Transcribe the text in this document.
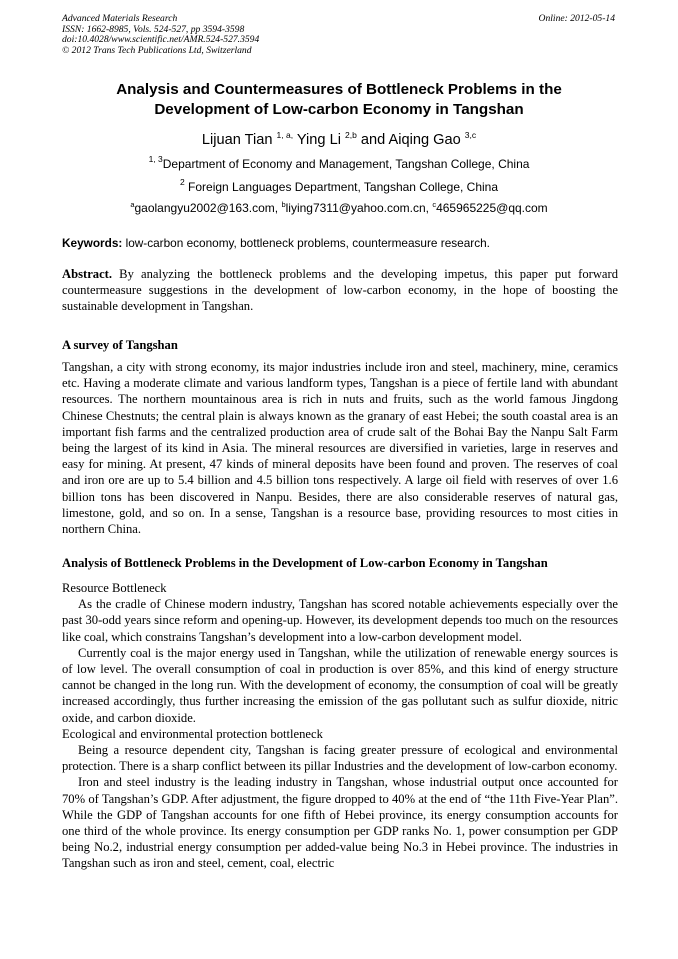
Advanced Materials Research
ISSN: 1662-8985, Vols. 524-527, pp 3594-3598
doi:10.4028/www.scientific.net/AMR.524-527.3594
© 2012 Trans Tech Publications Ltd, Switzerland
Online: 2012-05-14
Analysis and Countermeasures of Bottleneck Problems in the
Development of Low-carbon Economy in Tangshan
Lijuan Tian $^{1, a,}$ Ying Li $^{2,b}$ and Aiqing Gao $^{3,c}$
$^{1, 3}$Department of Economy and Management, Tangshan College, China
$^2$ Foreign Languages Department, Tangshan College, China
$^a$gaolangyu2002@163.com, $^b$liying7311@yahoo.com.cn, $^c$465965225@qq.com
Keywords: low-carbon economy, bottleneck problems, countermeasure research.
Abstract. By analyzing the bottleneck problems and the developing impetus, this paper put forward countermeasure suggestions in the development of low-carbon economy, in the hope of boosting the sustainable development in Tangshan.
A survey of Tangshan
Tangshan, a city with strong economy, its major industries include iron and steel, machinery, mine, ceramics etc. Having a moderate climate and various landform types, Tangshan is a piece of fertile land with abundant resources. The northern mountainous area is rich in nuts and fruits, such as the world famous Jingdong Chinese Chestnuts; the central plain is always known as the granary of east Hebei; the south coastal area is an important fish farms and the centralized production area of crude salt of the Bohai Bay the Nanpu Salt Farm being the largest of its kind in Asia. The mineral resources are diversified in varieties, large in reserves and easy for mining. At present, 47 kinds of mineral deposits have been found and proven. The reserves of coal and iron ore are up to 5.4 billion and 4.5 billion tons respectively. A large oil field with reserves of over 1.6 billion tons has been discovered in Nanpu. Besides, there are also considerable reserves of natural gas, limestone, gold, and so on. In a sense, Tangshan is a resource base, providing resources to most cities in northern China.
Analysis of Bottleneck Problems in the Development of Low-carbon Economy in Tangshan
Resource Bottleneck
As the cradle of Chinese modern industry, Tangshan has scored notable achievements especially over the past 30-odd years since reform and opening-up. However, its development depends too much on the resources like coal, which constrains Tangshan’s development into a low-carbon development model.
Currently coal is the major energy used in Tangshan, while the utilization of renewable energy sources is of low level. The overall consumption of coal in production is over 85%, and this kind of energy structure cannot be changed in the long run. With the development of economy, the consumption of coal will be greatly increased accordingly, thus further increasing the emission of the gas pollutant such as sulfur dioxide, nitric oxide, and carbon dioxide.
Ecological and environmental protection bottleneck
Being a resource dependent city, Tangshan is facing greater pressure of ecological and environmental protection. There is a sharp conflict between its pillar Industries and the development of low-carbon economy.
Iron and steel industry is the leading industry in Tangshan, whose industrial output once accounted for 70% of Tangshan’s GDP. After adjustment, the figure dropped to 40% at the end of “the 11th Five-Year Plan”. While the GDP of Tangshan accounts for one fifth of Hebei province, its energy consumption accounts for one third of the whole province. Its energy consumption per GDP ranks No. 1, power consumption per GDP being No.2, industrial energy consumption per added-value being No.3 in Hebei province. The industries in Tangshan such as iron and steel, cement, coal, electric
